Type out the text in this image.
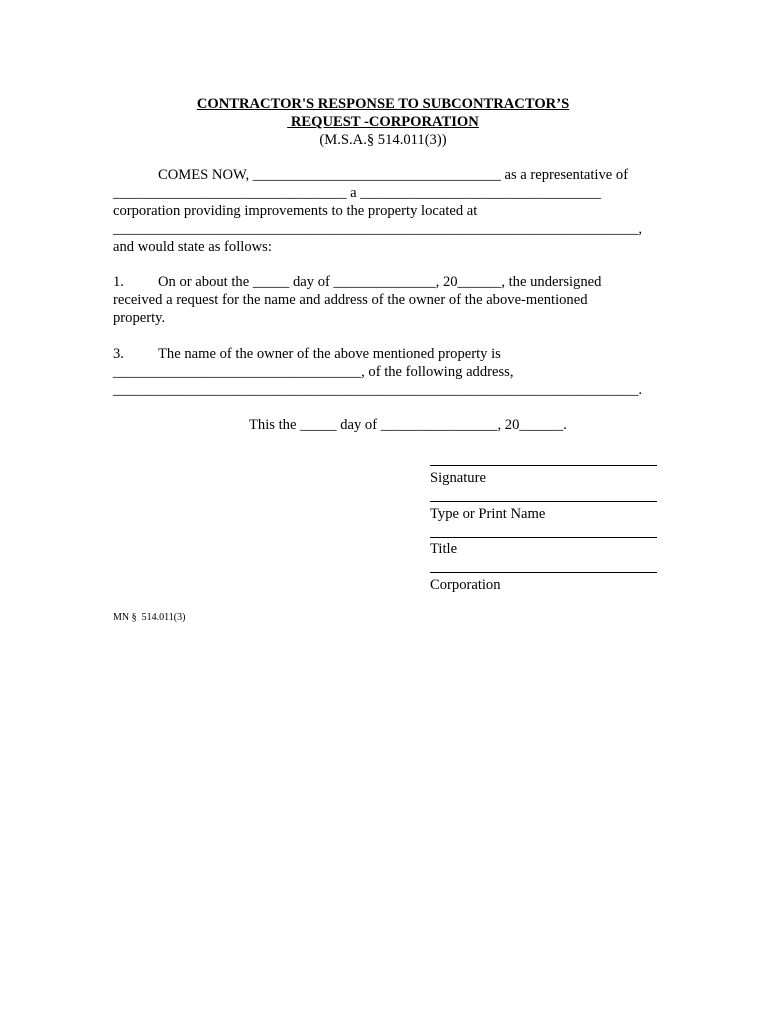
CONTRACTOR'S RESPONSE TO SUBCONTRACTOR’S
REQUEST -CORPORATION
(M.S.A.§ 514.011(3))
COMES NOW, __________________________________ as a representative of
________________________________ a _________________________________
corporation providing improvements to the property located at
________________________________________________________________________,
and would state as follows:
1. On or about the _____ day of ______________, 20______, the undersigned
received a request for the name and address of the owner of the above-mentioned
property.
3. The name of the owner of the above mentioned property is
__________________________________, of the following address,
________________________________________________________________________.
This the _____ day of ________________, 20______.
Signature
Type or Print Name
Title
Corporation
MN §  514.011(3)
